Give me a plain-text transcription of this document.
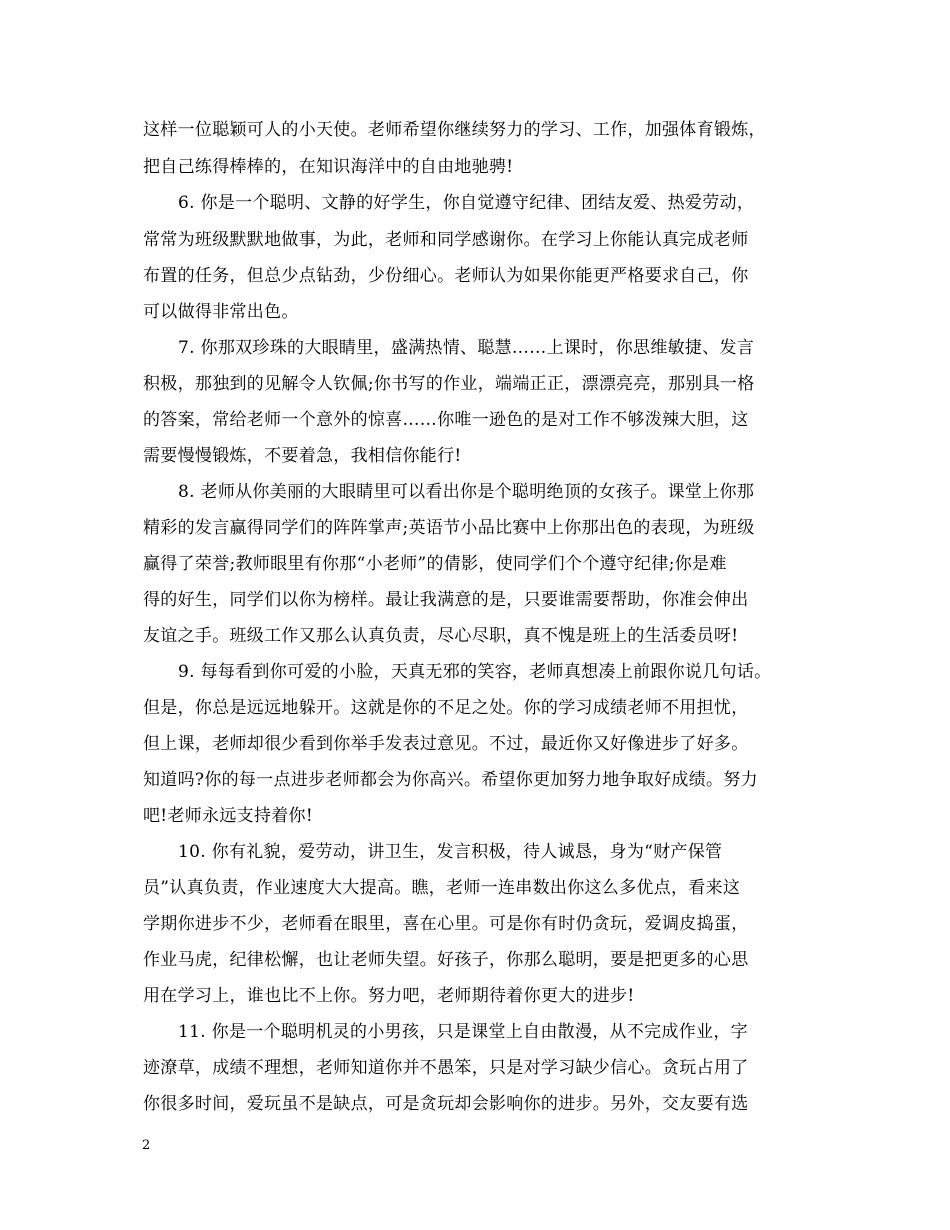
这样一位聪颖可人的小天使。老师希望你继续努力的学习、工作，加强体育锻炼，
把自己练得棒棒的，在知识海洋中的自由地驰骋!
6. 你是一个聪明、文静的好学生，你自觉遵守纪律、团结友爱、热爱劳动，
常常为班级默默地做事，为此，老师和同学感谢你。在学习上你能认真完成老师
布置的任务，但总少点钻劲，少份细心。老师认为如果你能更严格要求自己，你
可以做得非常出色。
7. 你那双珍珠的大眼睛里，盛满热情、聪慧……上课时，你思维敏捷、发言
积极，那独到的见解令人钦佩;你书写的作业，端端正正，漂漂亮亮，那别具一格
的答案，常给老师一个意外的惊喜……你唯一逊色的是对工作不够泼辣大胆，这
需要慢慢锻炼，不要着急，我相信你能行!
8. 老师从你美丽的大眼睛里可以看出你是个聪明绝顶的女孩子。课堂上你那
精彩的发言赢得同学们的阵阵掌声;英语节小品比赛中上你那出色的表现，为班级
赢得了荣誉;教师眼里有你那“小老师”的倩影，使同学们个个遵守纪律;你是难
得的好生，同学们以你为榜样。最让我满意的是，只要谁需要帮助，你准会伸出
友谊之手。班级工作又那么认真负责，尽心尽职，真不愧是班上的生活委员呀!
9. 每每看到你可爱的小脸，天真无邪的笑容，老师真想凑上前跟你说几句话。
但是，你总是远远地躲开。这就是你的不足之处。你的学习成绩老师不用担忧，
但上课，老师却很少看到你举手发表过意见。不过，最近你又好像进步了好多。
知道吗?你的每一点进步老师都会为你高兴。希望你更加努力地争取好成绩。努力
吧!老师永远支持着你!
10. 你有礼貌，爱劳动，讲卫生，发言积极，待人诚恳，身为“财产保管
员”认真负责，作业速度大大提高。瞧，老师一连串数出你这么多优点，看来这
学期你进步不少，老师看在眼里，喜在心里。可是你有时仍贪玩，爱调皮捣蛋，
作业马虎，纪律松懈，也让老师失望。好孩子，你那么聪明，要是把更多的心思
用在学习上，谁也比不上你。努力吧，老师期待着你更大的进步!
11. 你是一个聪明机灵的小男孩，只是课堂上自由散漫，从不完成作业，字
迹潦草，成绩不理想，老师知道你并不愚笨，只是对学习缺少信心。贪玩占用了
你很多时间，爱玩虽不是缺点，可是贪玩却会影响你的进步。另外，交友要有选
2
